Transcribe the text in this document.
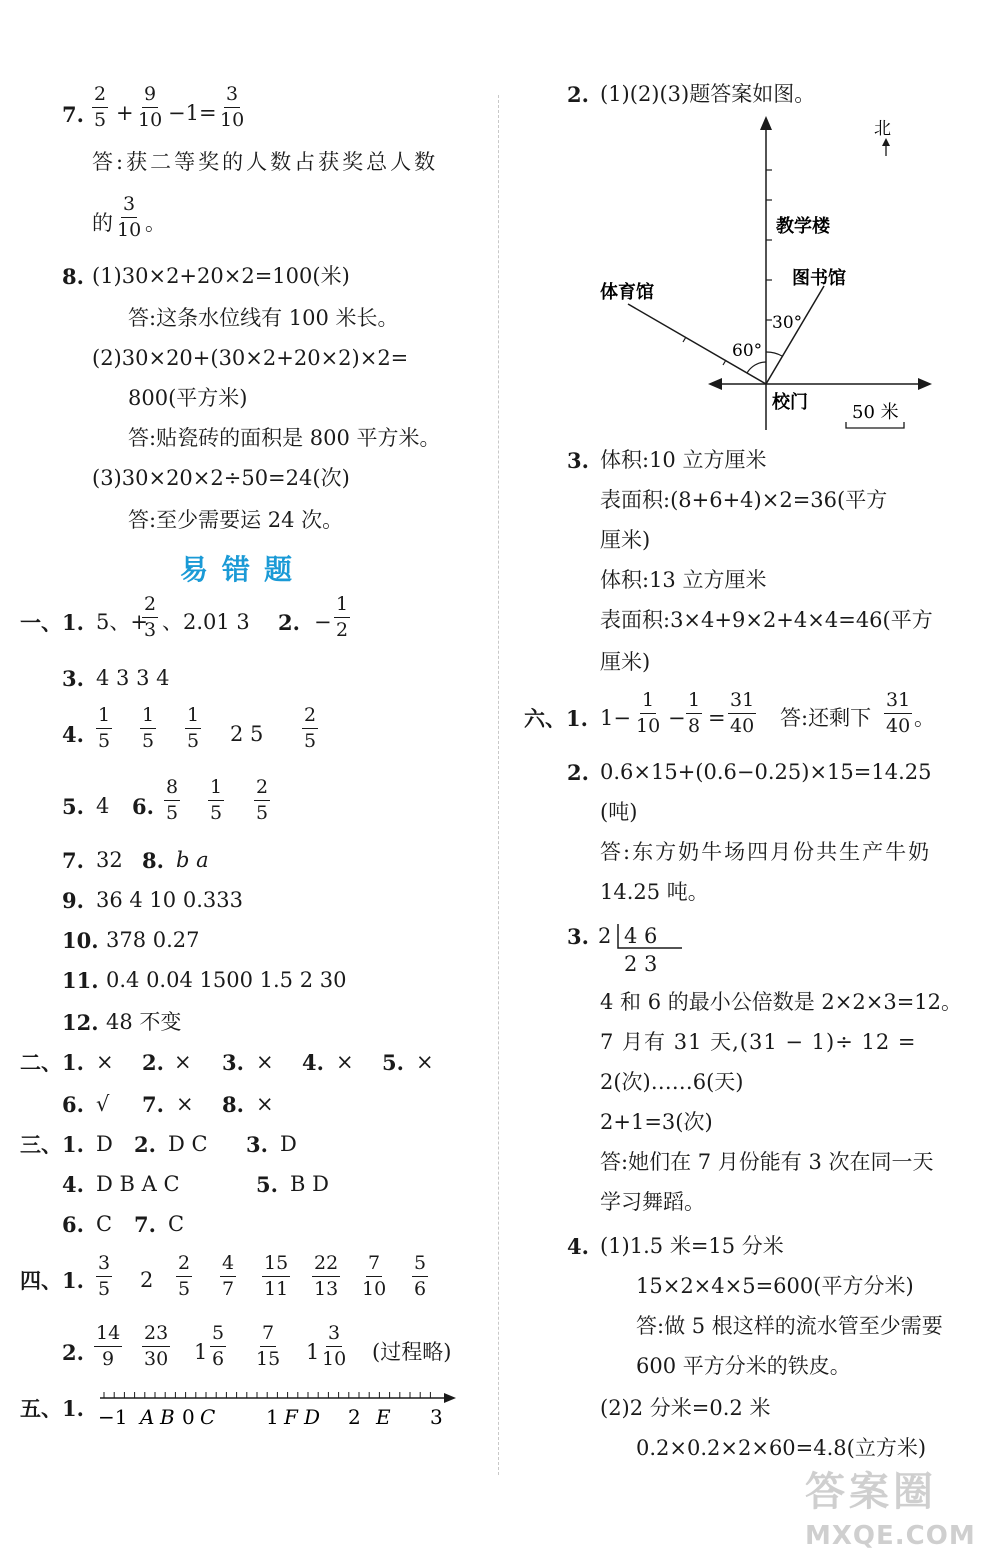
7.
2
5 +
9
10 −1=
3
10
答:获二等奖的人数占获奖总人数
的
3
10 。
8. (1)30×2+20×2=100(米)
答:这条水位线有 100 米长。
(2)30×20+(30×2+20×2)×2=
800(平方米)
答:贴瓷砖的面积是 800 平方米。
(3)30×20×2÷50=24(次)
答:至少需要运 24 次。
易错题
一、1. 5、+
2
3 、2.01 3 2. −
1
2
3. 4 3 3 4
4.
1
5
1
5
1
5 2 5
2
5
5. 4 6.
8
5
1
5
2
5
7. 32 8. b a
9. 36 4 10 0.333
10. 378 0.27
11. 0.4 0.04 1500 1.5 2 30
12. 48 不变
二、1. × 2. × 3. × 4. × 5. ×
6. √ 7. × 8. ×
三、1. D 2. D C 3. D
4. D B A C	5. B D
6. C 7. C
四、1.
3
5 2
2
5
4
7
15
11
22
13
7
10
5
6
2.
14
9
23
30 1
5
6
7
15 1
3
10 (过程略)
五、1. −1 A B 0 C	1 F D 2 E 3
2. (1)(2)(3)题答案如图。
北
教学楼
图书馆
体育馆
校门
60°
30°
50 米
3. 体积:10 立方厘米
表面积:(8+6+4)×2=36(平方
厘米)
体积:13 立方厘米
表面积:3×4+9×2+4×4=46(平方
厘米)
六、1. 1−
1
10 −
1
8 =
31
40 答:还剩下
31
40 。
2. 0.6×15+(0.6−0.25)×15=14.25
(吨)
答:东方奶牛场四月份共生产牛奶
14.25 吨。
3. 2 4 6
2 3
4 和 6 的最小公倍数是 2×2×3=12。
7 月有 31 天,(31 − 1)÷ 12 =
2(次)……6(天)
2+1=3(次)
答:她们在 7 月份能有 3 次在同一天
学习舞蹈。
4. (1)1.5 米=15 分米
15×2×4×5=600(平方分米)
答:做 5 根这样的流水管至少需要
600 平方分米的铁皮。
(2)2 分米=0.2 米
0.2×0.2×2×60=4.8(立方米)
答案圈
MXQE.COM
